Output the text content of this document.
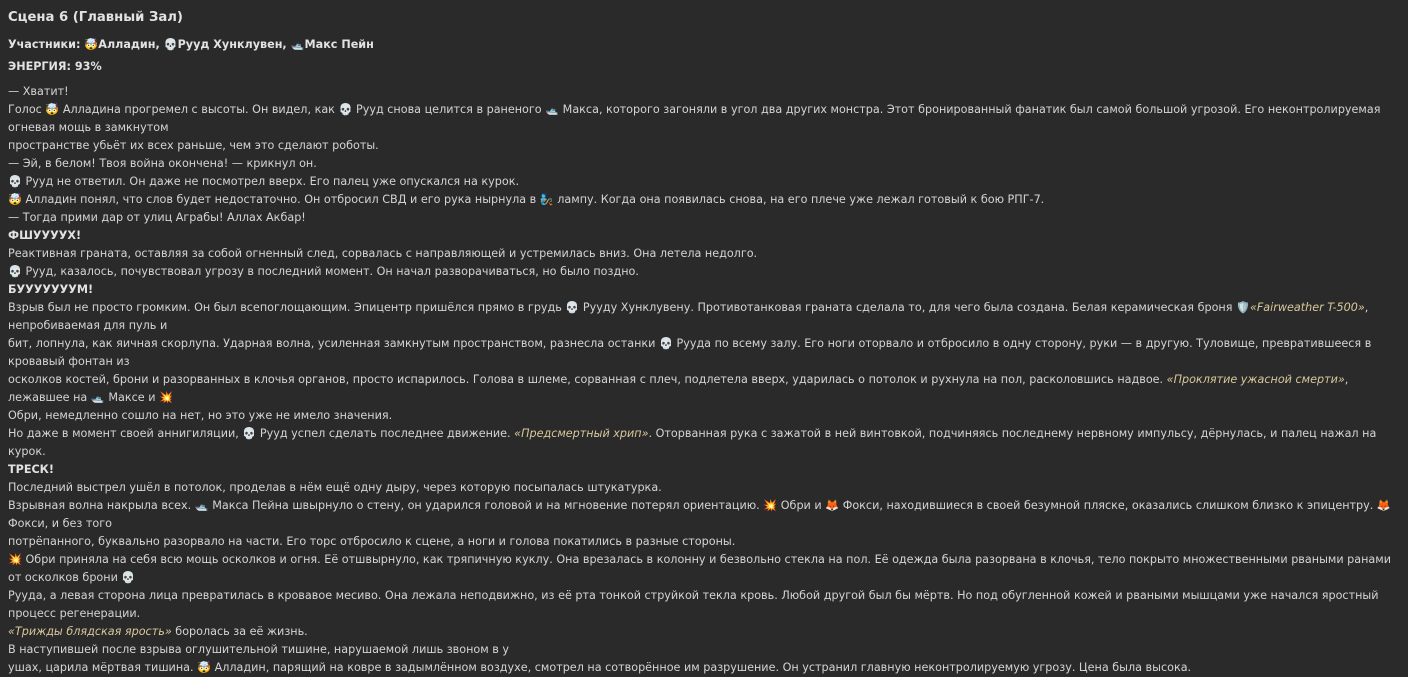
Сцена 6 (Главный Зал)
Участники: 🤯Алладин, 💀Рууд Хунклувен, 🛥️Макс Пейн
ЭНЕРГИЯ: 93%
— Хватит!
Голос 🤯 Алладина прогремел с высоты. Он видел, как 💀 Рууд снова целится в раненого 🛥️ Макса, которого загоняли в угол два других монстра. Этот бронированный фанатик был самой большой угрозой. Его неконтролируемая огневая мощь в замкнутом
пространстве убьёт их всех раньше, чем это сделают роботы.
— Эй, в белом! Твоя война окончена! — крикнул он.
💀 Рууд не ответил. Он даже не посмотрел вверх. Его палец уже опускался на курок.
🤯 Алладин понял, что слов будет недостаточно. Он отбросил СВД и его рука нырнула в 🧞 лампу. Когда она появилась снова, на его плече уже лежал готовый к бою РПГ-7.
— Тогда прими дар от улиц Аграбы! Аллах Акбар!
ФШУУУУХ!
Реактивная граната, оставляя за собой огненный след, сорвалась с направляющей и устремилась вниз. Она летела недолго.
💀 Рууд, казалось, почувствовал угрозу в последний момент. Он начал разворачиваться, но было поздно.
БУУУУУУУМ!
Взрыв был не просто громким. Он был всепоглощающим. Эпицентр пришёлся прямо в грудь 💀 Рууду Хунклувену. Противотанковая граната сделала то, для чего была создана. Белая керамическая броня 🛡️«Fairweather T-500», непробиваемая для пуль и
бит, лопнула, как яичная скорлупа. Ударная волна, усиленная замкнутым пространством, разнесла останки 💀 Рууда по всему залу. Его ноги оторвало и отбросило в одну сторону, руки — в другую. Туловище, превратившееся в кровавый фонтан из
осколков костей, брони и разорванных в клочья органов, просто испарилось. Голова в шлеме, сорванная с плеч, подлетела вверх, ударилась о потолок и рухнула на пол, расколовшись надвое. «Проклятие ужасной смерти», лежавшее на 🛥️ Максе и 💥
Обри, немедленно сошло на нет, но это уже не имело значения.
Но даже в момент своей аннигиляции, 💀 Рууд успел сделать последнее движение. «Предсмертный хрип». Оторванная рука с зажатой в ней винтовкой, подчиняясь последнему нервному импульсу, дёрнулась, и палец нажал на курок.
ТРЕСК!
Последний выстрел ушёл в потолок, проделав в нём ещё одну дыру, через которую посыпалась штукатурка.
Взрывная волна накрыла всех. 🛥️ Макса Пейна швырнуло о стену, он ударился головой и на мгновение потерял ориентацию. 💥 Обри и 🦊 Фокси, находившиеся в своей безумной пляске, оказались слишком близко к эпицентру. 🦊 Фокси, и без того
потрёпанного, буквально разорвало на части. Его торс отбросило к сцене, а ноги и голова покатились в разные стороны.
💥 Обри приняла на себя всю мощь осколков и огня. Её отшвырнуло, как тряпичную куклу. Она врезалась в колонну и безвольно стекла на пол. Её одежда была разорвана в клочья, тело покрыто множественными рваными ранами от осколков брони 💀
Рууда, а левая сторона лица превратилась в кровавое месиво. Она лежала неподвижно, из её рта тонкой струйкой текла кровь. Любой другой был бы мёртв. Но под обугленной кожей и рваными мышцами уже начался яростный процесс регенерации.
«Трижды блядская ярость» боролась за её жизнь.
В наступившей после взрыва оглушительной тишине, нарушаемой лишь звоном в у
ушах, царила мёртвая тишина. 🤯 Алладин, парящий на ковре в задымлённом воздухе, смотрел на сотворённое им разрушение. Он устранил главную неконтролируемую угрозу. Цена была высока.
